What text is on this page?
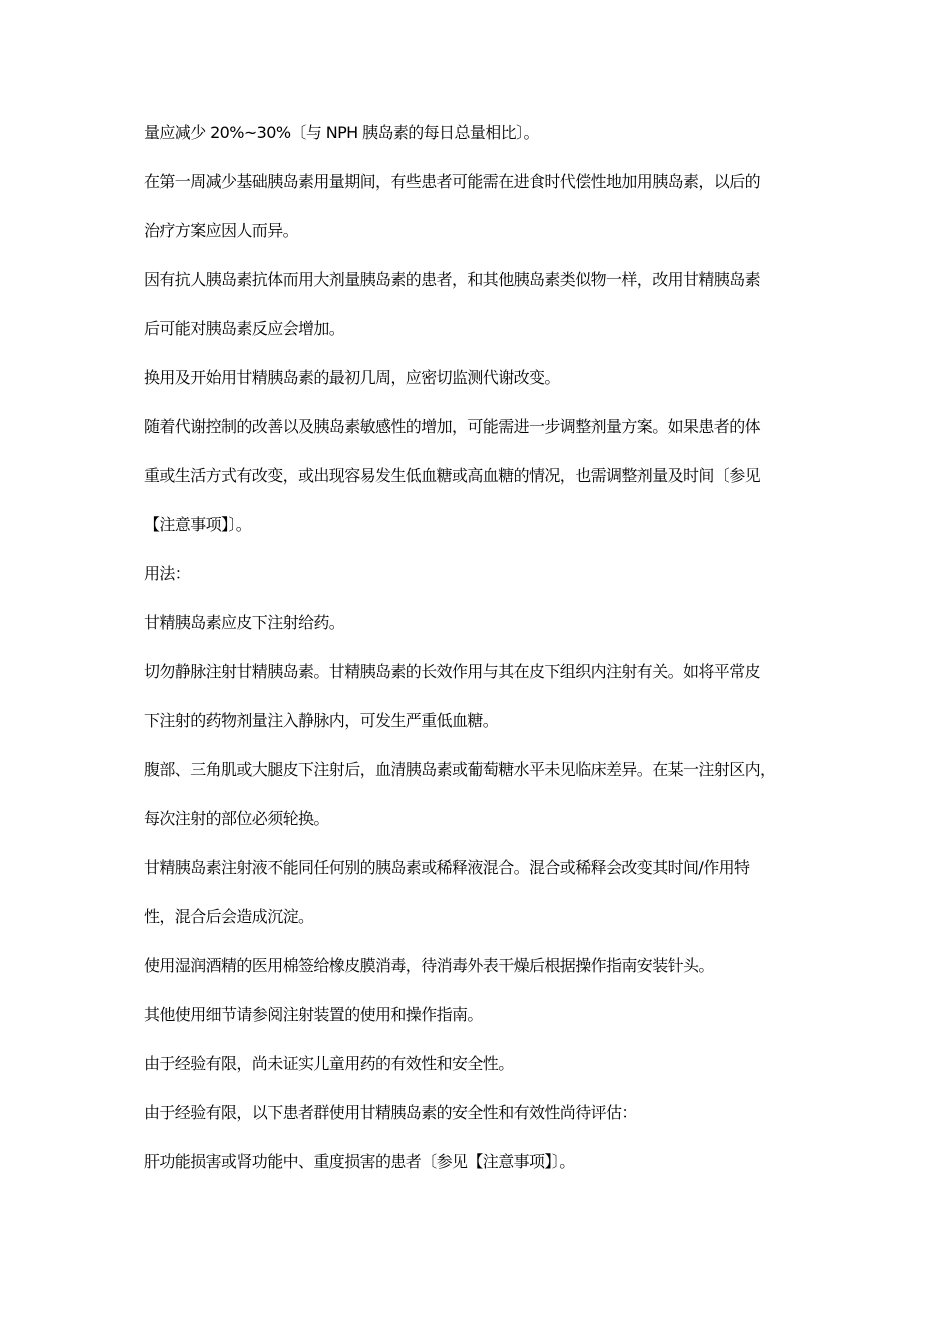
量应减少 20%~30%〔与 NPH 胰岛素的每日总量相比〕。

在第一周减少基础胰岛素用量期间，有些患者可能需在进食时代偿性地加用胰岛素，以后的
治疗方案应因人而异。

因有抗人胰岛素抗体而用大剂量胰岛素的患者，和其他胰岛素类似物一样，改用甘精胰岛素
后可能对胰岛素反应会增加。

换用及开始用甘精胰岛素的最初几周，应密切监测代谢改变。

随着代谢控制的改善以及胰岛素敏感性的增加，可能需进一步调整剂量方案。如果患者的体
重或生活方式有改变，或出现容易发生低血糖或高血糖的情况，也需调整剂量及时间〔参见
【注意事项】〕。

用法：

甘精胰岛素应皮下注射给药。

切勿静脉注射甘精胰岛素。甘精胰岛素的长效作用与其在皮下组织内注射有关。如将平常皮
下注射的药物剂量注入静脉内，可发生严重低血糖。

腹部、三角肌或大腿皮下注射后，血清胰岛素或葡萄糖水平未见临床差异。在某一注射区内，
每次注射的部位必须轮换。

甘精胰岛素注射液不能同任何别的胰岛素或稀释液混合。混合或稀释会改变其时间/作用特
性，混合后会造成沉淀。

使用湿润酒精的医用棉签给橡皮膜消毒，待消毒外表干燥后根据操作指南安装针头。

其他使用细节请参阅注射装置的使用和操作指南。

由于经验有限，尚未证实儿童用药的有效性和安全性。

由于经验有限，以下患者群使用甘精胰岛素的安全性和有效性尚待评估：

肝功能损害或肾功能中、重度损害的患者〔参见【注意事项】〕。
